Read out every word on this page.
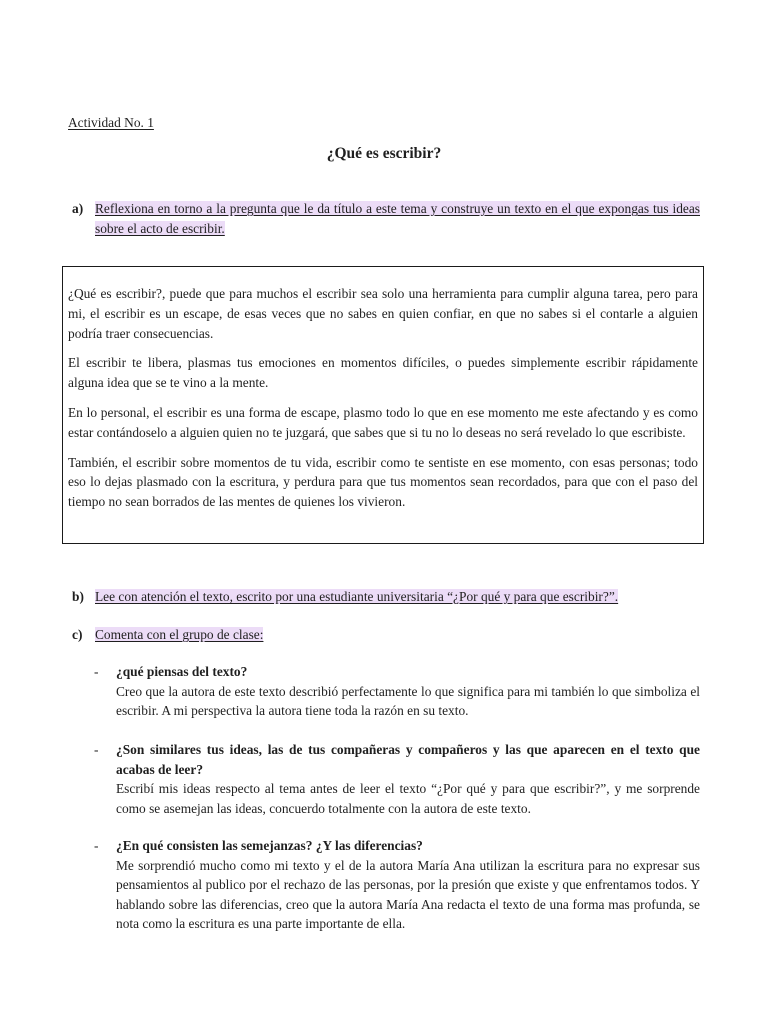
Actividad No. 1
¿Qué es escribir?
a) Reflexiona en torno a la pregunta que le da título a este tema y construye un texto en el que expongas tus ideas sobre el acto de escribir.

¿Qué es escribir?, puede que para muchos el escribir sea solo una herramienta para cumplir alguna tarea, pero para mi, el escribir es un escape, de esas veces que no sabes en quien confiar, en que no sabes si el contarle a alguien podría traer consecuencias.

El escribir te libera, plasmas tus emociones en momentos difíciles, o puedes simplemente escribir rápidamente alguna idea que se te vino a la mente.

En lo personal, el escribir es una forma de escape, plasmo todo lo que en ese momento me este afectando y es como estar contándoselo a alguien quien no te juzgará, que sabes que si tu no lo deseas no será revelado lo que escribiste.

También, el escribir sobre momentos de tu vida, escribir como te sentiste en ese momento, con esas personas; todo eso lo dejas plasmado con la escritura, y perdura para que tus momentos sean recordados, para que con el paso del tiempo no sean borrados de las mentes de quienes los vivieron.

b) Lee con atención el texto, escrito por una estudiante universitaria “¿Por qué y para que escribir?”.
c) Comenta con el grupo de clase:
- ¿qué piensas del texto?
Creo que la autora de este texto describió perfectamente lo que significa para mi también lo que simboliza el escribir. A mi perspectiva la autora tiene toda la razón en su texto.
- ¿Son similares tus ideas, las de tus compañeras y compañeros y las que aparecen en el texto que acabas de leer?
Escribí mis ideas respecto al tema antes de leer el texto “¿Por qué y para que escribir?”, y me sorprende como se asemejan las ideas, concuerdo totalmente con la autora de este texto.
- ¿En qué consisten las semejanzas? ¿Y las diferencias?
Me sorprendió mucho como mi texto y el de la autora María Ana utilizan la escritura para no expresar sus pensamientos al publico por el rechazo de las personas, por la presión que existe y que enfrentamos todos. Y hablando sobre las diferencias, creo que la autora María Ana redacta el texto de una forma mas profunda, se nota como la escritura es una parte importante de ella.
